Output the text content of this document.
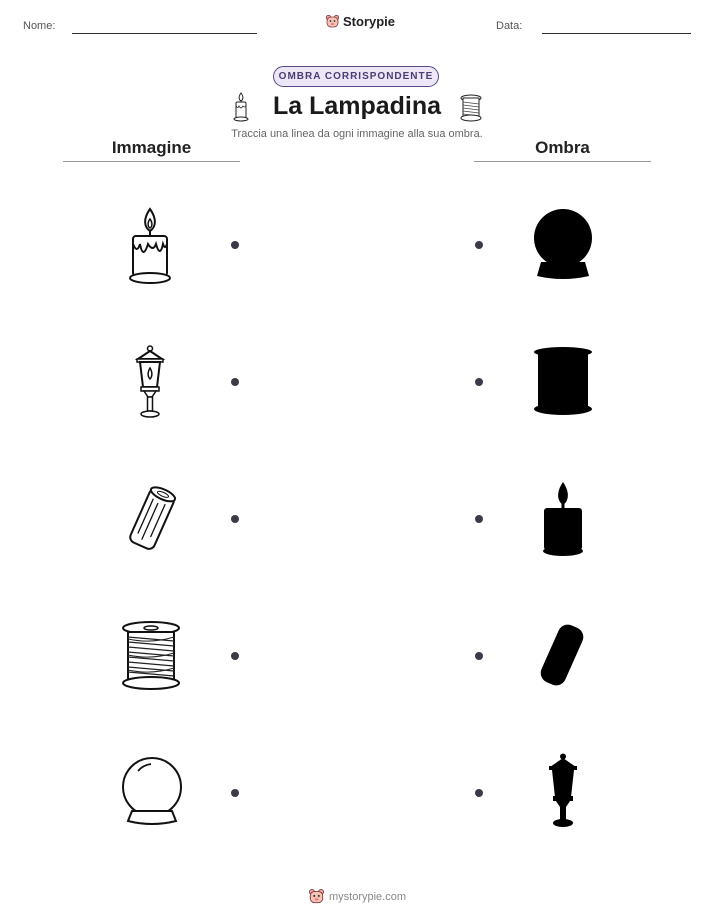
Nome:	Storypie	Data:
OMBRA CORRISPONDENTE
La Lampadina
Traccia una linea da ogni immagine alla sua ombra.
Immagine	Ombra
mystorypie.com
